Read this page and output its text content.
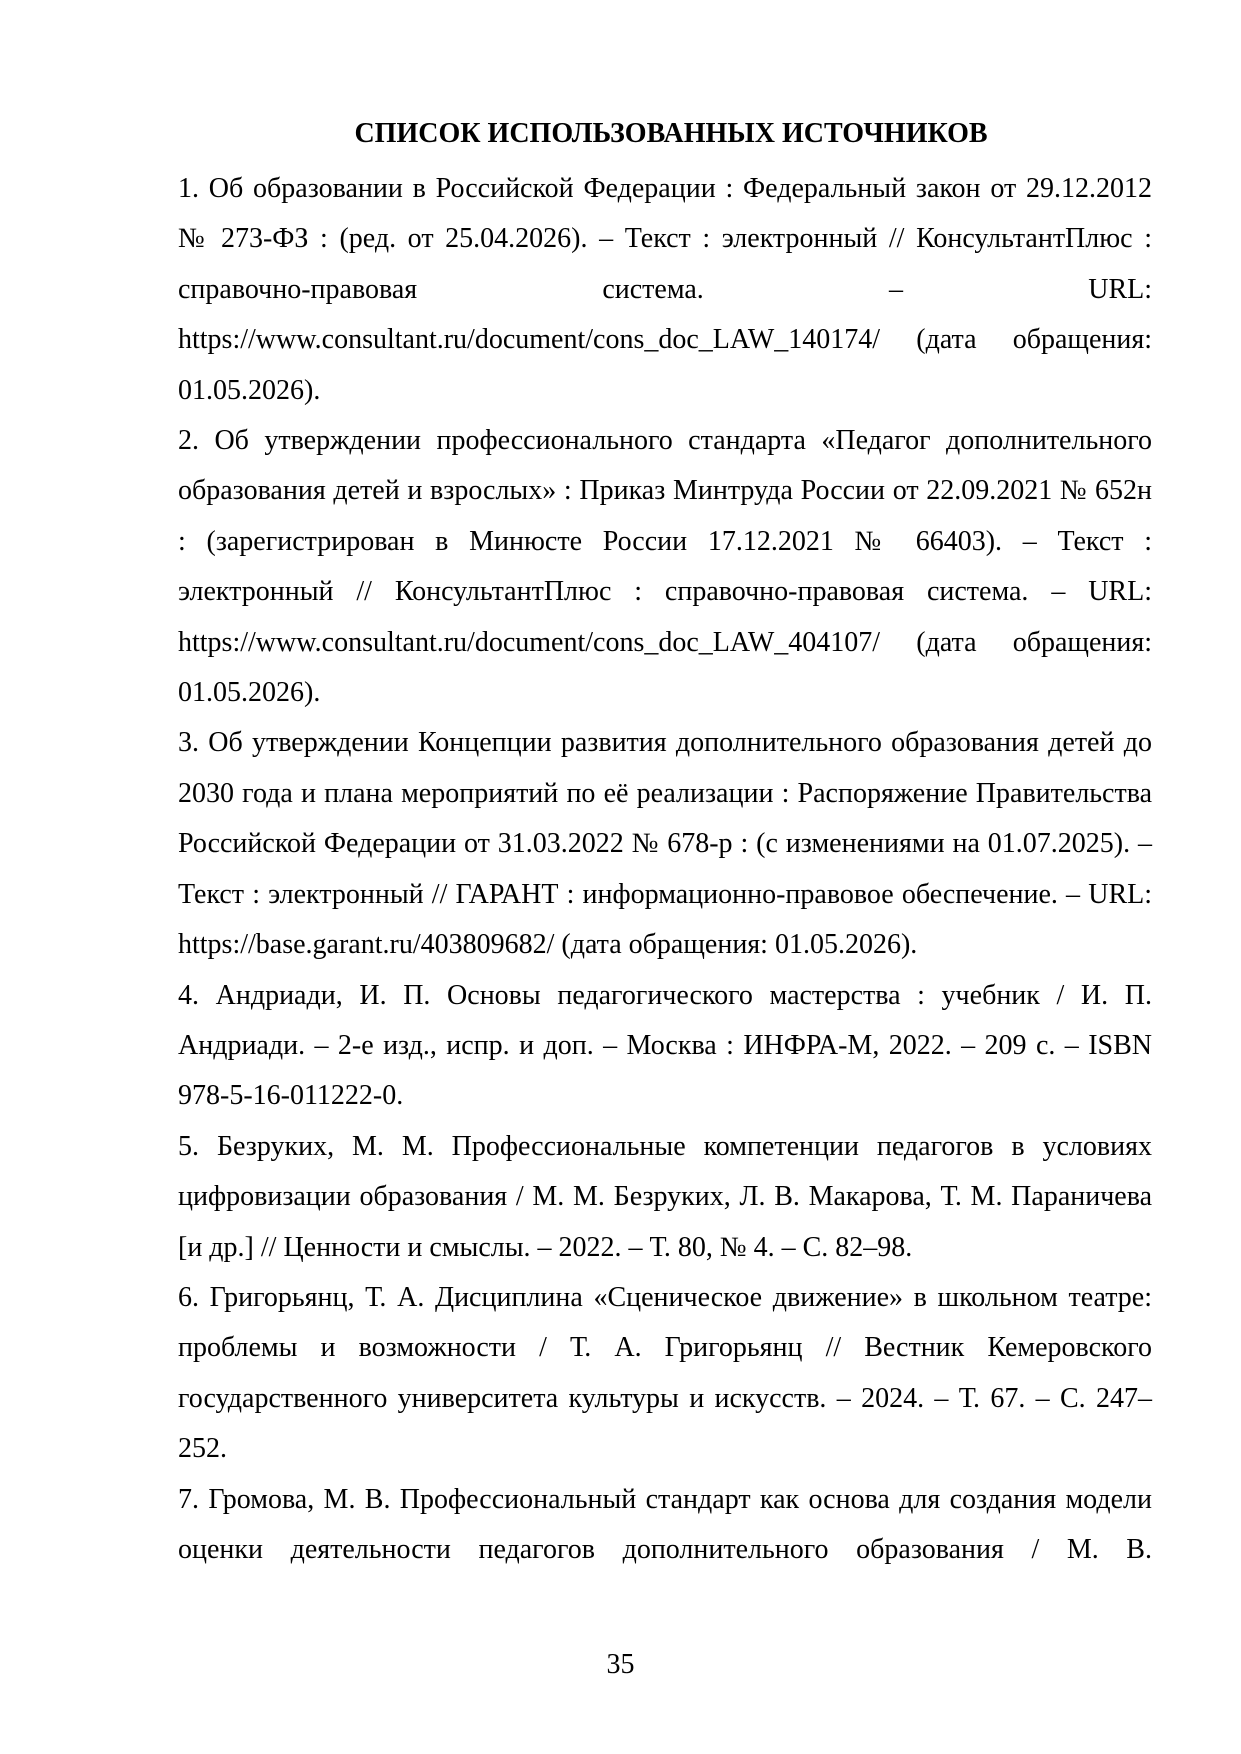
СПИСОК ИСПОЛЬЗОВАННЫХ ИСТОЧНИКОВ

1. Об образовании в Российской Федерации : Федеральный закон от 29.12.2012 № 273-ФЗ : (ред. от 25.04.2026). – Текст : электронный // КонсультантПлюс : справочно-правовая система. – URL: https://www.consultant.ru/document/cons_doc_LAW_140174/ (дата обращения: 01.05.2026).

2. Об утверждении профессионального стандарта «Педагог дополнительного образования детей и взрослых» : Приказ Минтруда России от 22.09.2021 № 652н : (зарегистрирован в Минюсте России 17.12.2021 № 66403). – Текст : электронный // КонсультантПлюс : справочно-правовая система. – URL: https://www.consultant.ru/document/cons_doc_LAW_404107/ (дата обращения: 01.05.2026).

3. Об утверждении Концепции развития дополнительного образования детей до 2030 года и плана мероприятий по её реализации : Распоряжение Правительства Российской Федерации от 31.03.2022 № 678-р : (с изменениями на 01.07.2025). – Текст : электронный // ГАРАНТ : информационно-правовое обеспечение. – URL: https://base.garant.ru/403809682/ (дата обращения: 01.05.2026).

4. Андриади, И. П. Основы педагогического мастерства : учебник / И. П. Андриади. – 2-е изд., испр. и доп. – Москва : ИНФРА-М, 2022. – 209 с. – ISBN 978-5-16-011222-0.

5. Безруких, М. М. Профессиональные компетенции педагогов в условиях цифровизации образования / М. М. Безруких, Л. В. Макарова, Т. М. Параничева [и др.] // Ценности и смыслы. – 2022. – Т. 80, № 4. – С. 82–98.

6. Григорьянц, Т. А. Дисциплина «Сценическое движение» в школьном театре: проблемы и возможности / Т. А. Григорьянц // Вестник Кемеровского государственного университета культуры и искусств. – 2024. – Т. 67. – С. 247–252.

7. Громова, М. В. Профессиональный стандарт как основа для создания модели оценки деятельности педагогов дополнительного образования / М. В.

35
